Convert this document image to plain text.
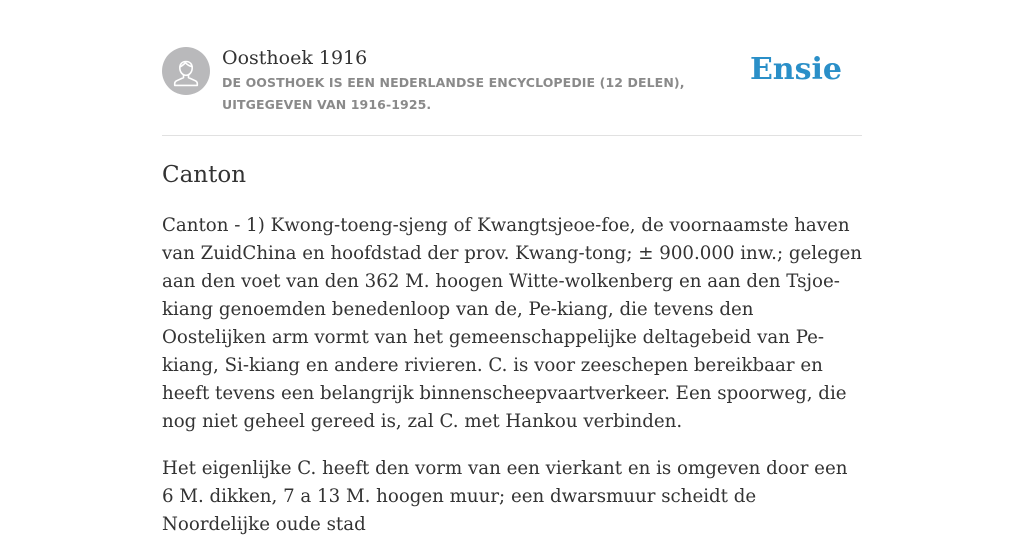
Oosthoek 1916
DE OOSTHOEK IS EEN NEDERLANDSE ENCYCLOPEDIE (12 DELEN), UITGEGEVEN VAN 1916-1925.
Ensie
Canton

Canton - 1) Kwong-toeng-sjeng of Kwangtsjeoe-foe, de voornaamste haven van ZuidChina en hoofdstad der prov. Kwang-tong; ± 900.000 inw.; gelegen aan den voet van den 362 M. hoogen Witte-wolkenberg en aan den Tsjoe-kiang genoemden benedenloop van de, Pe-kiang, die tevens den Oostelijken arm vormt van het gemeenschappelijke deltagebeid van Pe-kiang, Si-kiang en andere rivieren. C. is voor zeeschepen bereikbaar en heeft tevens een belangrijk binnenscheepvaartverkeer. Een spoorweg, die nog niet geheel gereed is, zal C. met Hankou verbinden.

Het eigenlijke C. heeft den vorm van een vierkant en is omgeven door een 6 M. dikken, 7 a 13 M. hoogen muur; een dwarsmuur scheidt de Noordelijke oude stad
